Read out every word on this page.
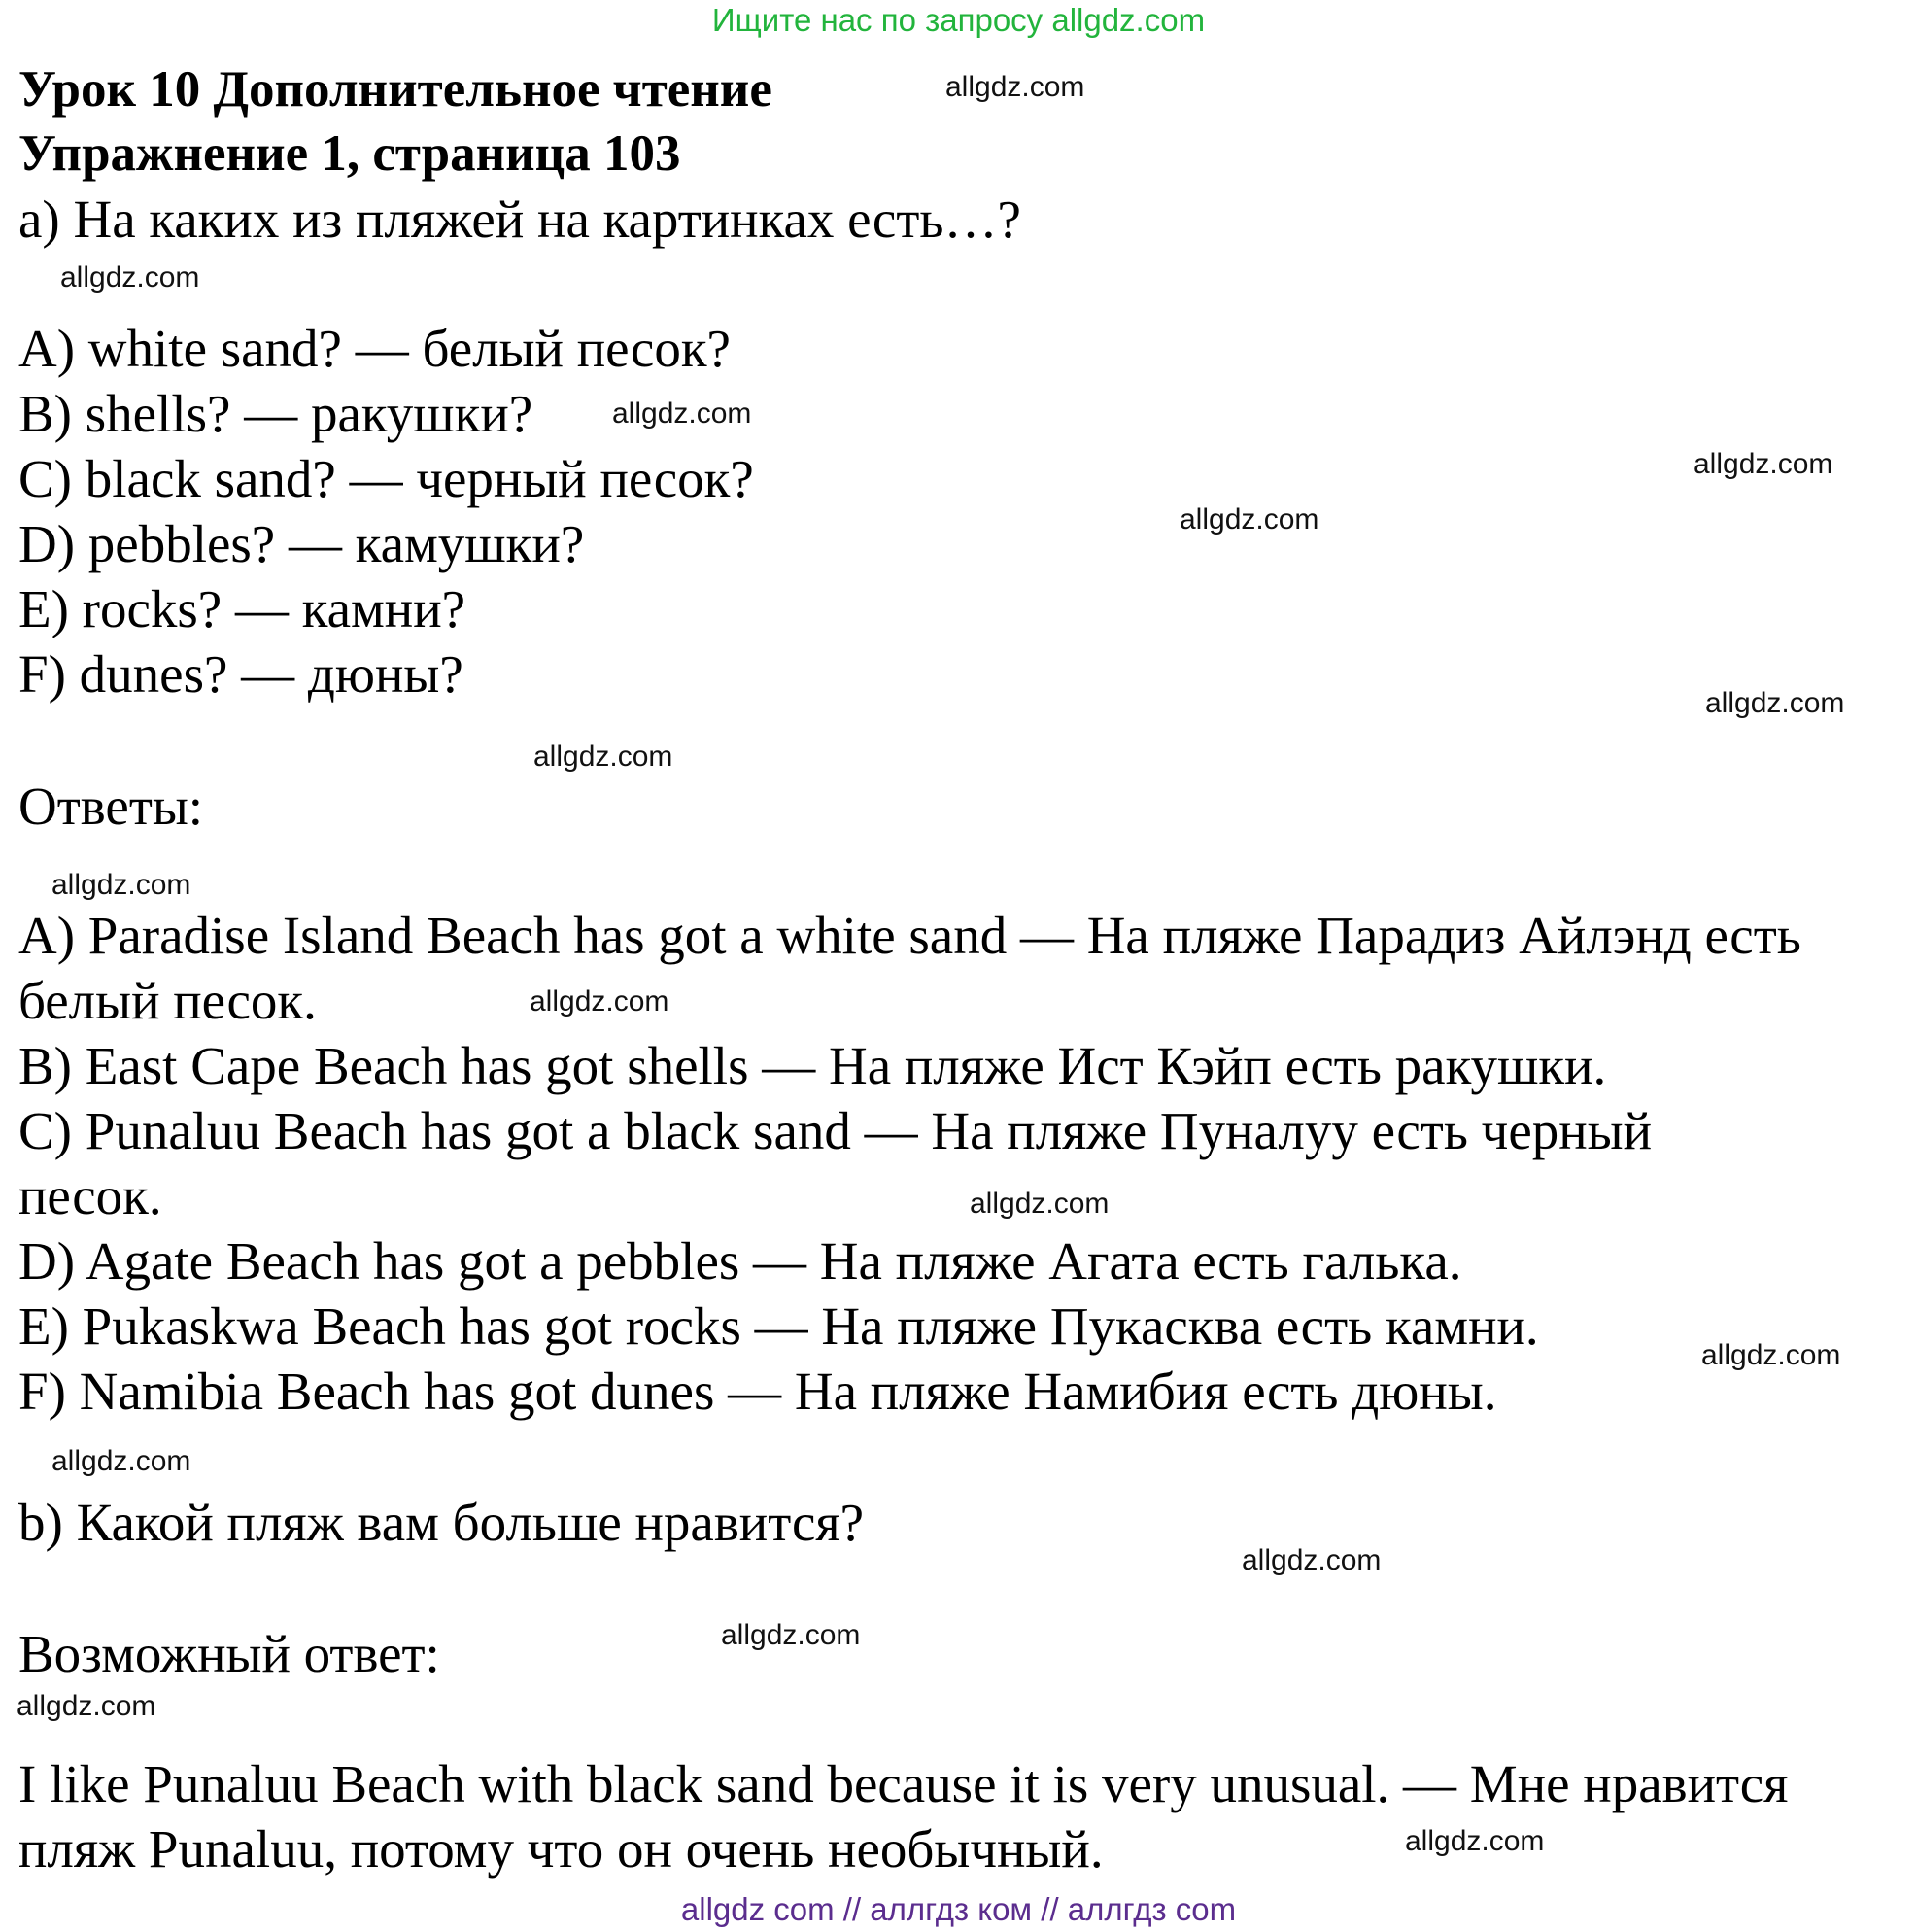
Ищите нас по запросу allgdz.com
Урок 10 Дополнительное чтение
Упражнение 1, страница 103
a) На каких из пляжей на картинках есть…?
A) white sand? — белый песок?
B) shells? — ракушки?
C) black sand? — черный песок?
D) pebbles? — камушки?
E) rocks? — камни?
F) dunes? — дюны?
Ответы:
A) Paradise Island Beach has got a white sand — На пляже Парадиз Айлэнд есть
белый песок.
B) East Cape Beach has got shells — На пляже Ист Кэйп есть ракушки.
C) Punaluu Beach has got a black sand — На пляже Пуналуу есть черный
песок.
D) Agate Beach has got a pebbles — На пляже Агата есть галька.
E) Pukaskwa Beach has got rocks — На пляже Пукасква есть камни.
F) Namibia Beach has got dunes — На пляже Намибия есть дюны.
b) Какой пляж вам больше нравится?
Возможный ответ:
I like Punaluu Beach with black sand because it is very unusual. — Мне нравится
пляж Punaluu, потому что он очень необычный.
allgdz.com
allgdz.com
allgdz.com
allgdz.com
allgdz.com
allgdz.com
allgdz.com
allgdz.com
allgdz.com
allgdz.com
allgdz.com
allgdz.com
allgdz.com
allgdz.com
allgdz.com
allgdz.com
allgdz com // аллгдз ком // аллгдз com
